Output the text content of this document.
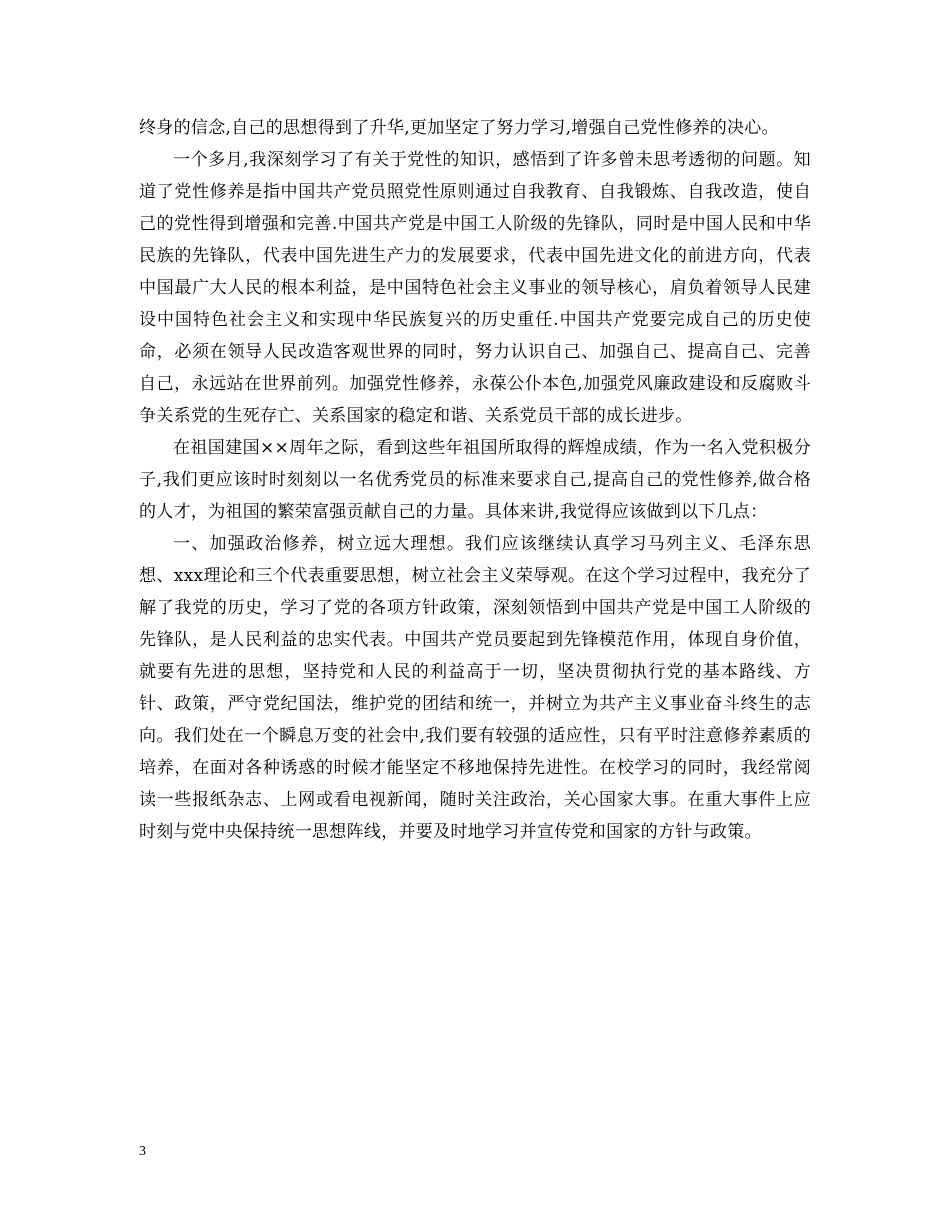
终身的信念,自己的思想得到了升华,更加坚定了努力学习,增强自己党性修养的决心。

一个多月,我深刻学习了有关于党性的知识，感悟到了许多曾未思考透彻的问题。知道了党性修养是指中国共产党员照党性原则通过自我教育、自我锻炼、自我改造，使自己的党性得到增强和完善.中国共产党是中国工人阶级的先锋队，同时是中国人民和中华民族的先锋队，代表中国先进生产力的发展要求，代表中国先进文化的前进方向，代表中国最广大人民的根本利益，是中国特色社会主义事业的领导核心，肩负着领导人民建设中国特色社会主义和实现中华民族复兴的历史重任.中国共产党要完成自己的历史使命，必须在领导人民改造客观世界的同时，努力认识自己、加强自己、提高自己、完善自己，永远站在世界前列。加强党性修养，永葆公仆本色,加强党风廉政建设和反腐败斗争关系党的生死存亡、关系国家的稳定和谐、关系党员干部的成长进步。

在祖国建国××周年之际，看到这些年祖国所取得的辉煌成绩，作为一名入党积极分子,我们更应该时时刻刻以一名优秀党员的标准来要求自己,提高自己的党性修养,做合格的人才，为祖国的繁荣富强贡献自己的力量。具体来讲,我觉得应该做到以下几点：

一、加强政治修养，树立远大理想。我们应该继续认真学习马列主义、毛泽东思想、xxx理论和三个代表重要思想，树立社会主义荣辱观。在这个学习过程中，我充分了解了我党的历史，学习了党的各项方针政策，深刻领悟到中国共产党是中国工人阶级的先锋队，是人民利益的忠实代表。中国共产党员要起到先锋模范作用，体现自身价值，就要有先进的思想，坚持党和人民的利益高于一切，坚决贯彻执行党的基本路线、方针、政策，严守党纪国法，维护党的团结和统一，并树立为共产主义事业奋斗终生的志向。我们处在一个瞬息万变的社会中,我们要有较强的适应性，只有平时注意修养素质的培养，在面对各种诱惑的时候才能坚定不移地保持先进性。在校学习的同时，我经常阅读一些报纸杂志、上网或看电视新闻，随时关注政治，关心国家大事。在重大事件上应时刻与党中央保持统一思想阵线，并要及时地学习并宣传党和国家的方针与政策。

3
